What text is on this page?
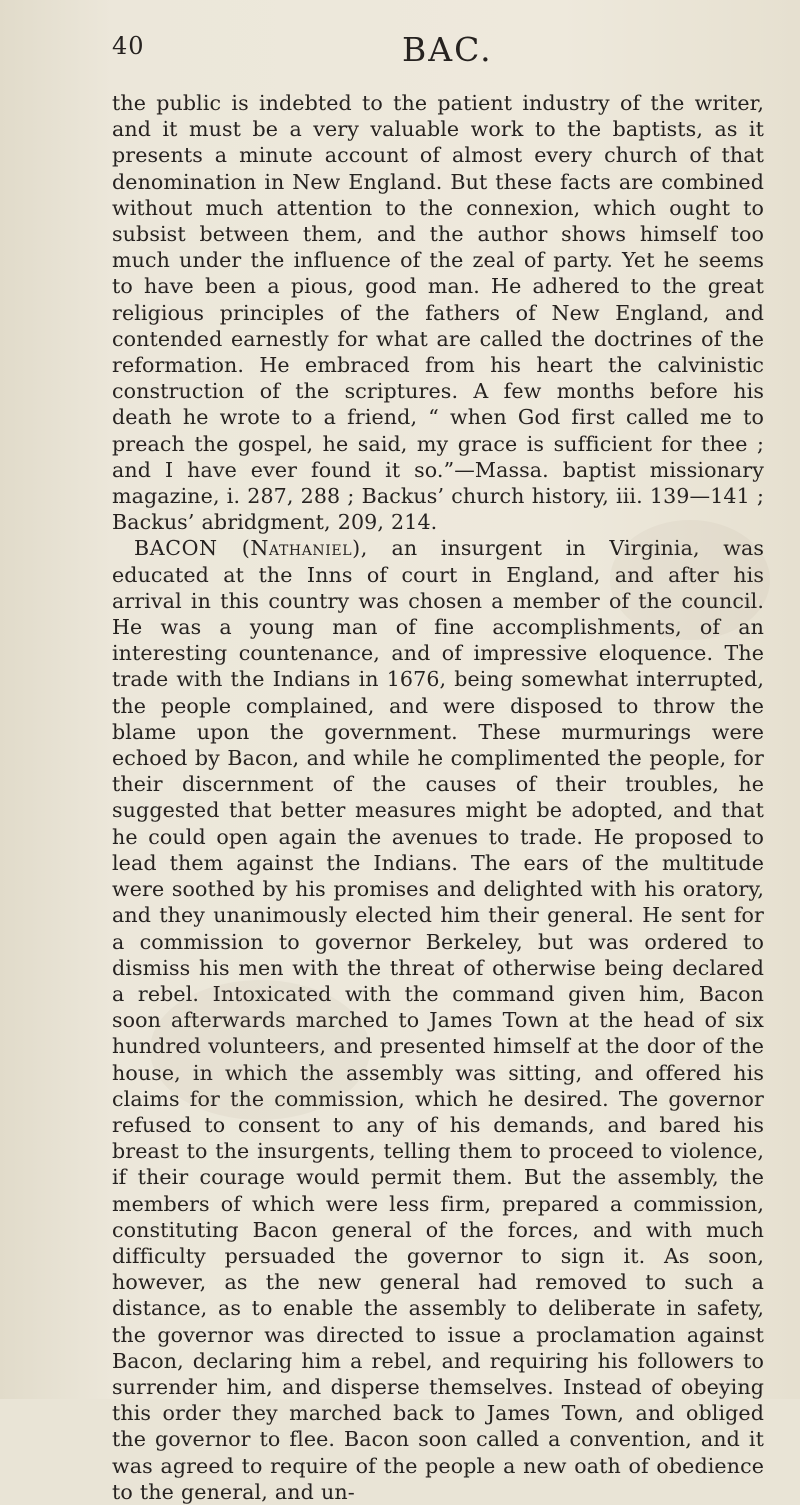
40	BAC.

the public is indebted to the patient industry of the writer, and it must be a very valuable work to the baptists, as it presents a minute account of almost every church of that denomination in New England. But these facts are combined without much attention to the connexion, which ought to subsist between them, and the author shows himself too much under the influence of the zeal of party. Yet he seems to have been a pious, good man. He adhered to the great religious principles of the fathers of New England, and contended earnestly for what are called the doctrines of the reformation. He embraced from his heart the calvinistic construction of the scriptures. A few months before his death he wrote to a friend, “ when God first called me to preach the gospel, he said, my grace is sufficient for thee ; and I have ever found it so.”—Massa. baptist missionary magazine, i. 287, 288 ; Backus’ church history, iii. 139—141 ; Backus’ abridgment, 209, 214.

BACON (Nathaniel), an insurgent in Virginia, was educated at the Inns of court in England, and after his arrival in this country was chosen a member of the council. He was a young man of fine accomplishments, of an interesting countenance, and of impressive eloquence. The trade with the Indians in 1676, being somewhat interrupted, the people complained, and were disposed to throw the blame upon the government. These murmurings were echoed by Bacon, and while he complimented the people, for their discernment of the causes of their troubles, he suggested that better measures might be adopted, and that he could open again the avenues to trade. He proposed to lead them against the Indians. The ears of the multitude were soothed by his promises and delighted with his oratory, and they unanimously elected him their general. He sent for a commission to governor Berkeley, but was ordered to dismiss his men with the threat of otherwise being declared a rebel. Intoxicated with the command given him, Bacon soon afterwards marched to James Town at the head of six hundred volunteers, and presented himself at the door of the house, in which the assembly was sitting, and offered his claims for the commission, which he desired. The governor refused to consent to any of his demands, and bared his breast to the insurgents, telling them to proceed to violence, if their courage would permit them. But the assembly, the members of which were less firm, prepared a commission, constituting Bacon general of the forces, and with much difficulty persuaded the governor to sign it. As soon, however, as the new general had removed to such a distance, as to enable the assembly to deliberate in safety, the governor was directed to issue a proclamation against Bacon, declaring him a rebel, and requiring his followers to surrender him, and disperse themselves. Instead of obeying this order they marched back to James Town, and obliged the governor to flee. Bacon soon called a convention, and it was agreed to require of the people a new oath of obedience to the general, and un-
